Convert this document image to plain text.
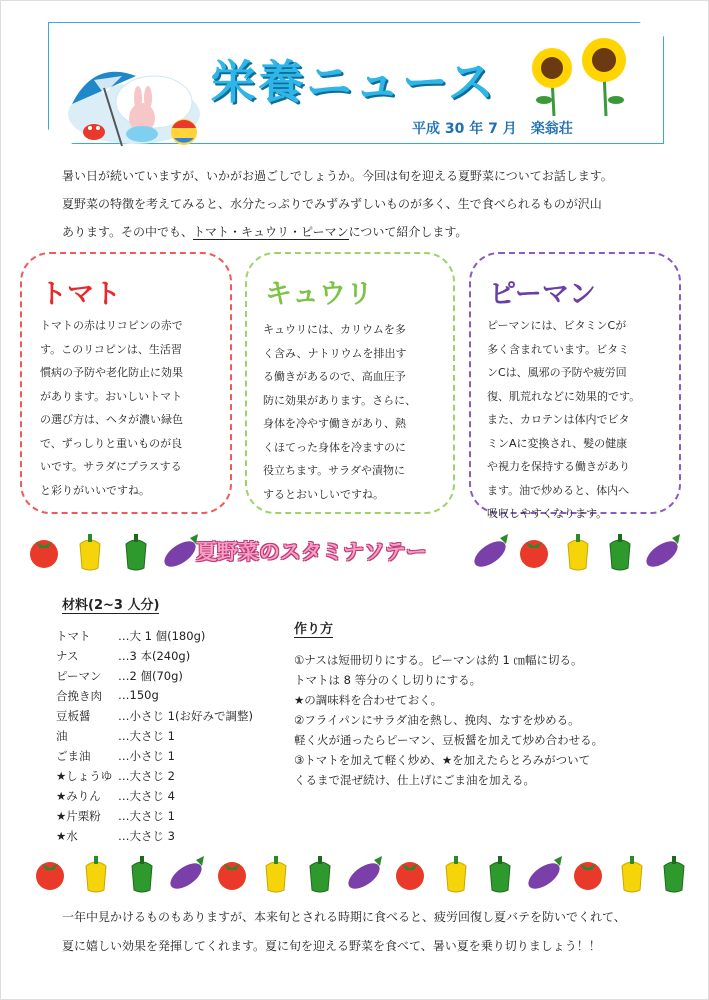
栄養ニュース
平成 30 年 7 月　楽翁荘
暑い日が続いていますが、いかがお過ごしでしょうか。今回は旬を迎える夏野菜についてお話します。
夏野菜の特徴を考えてみると、水分たっぷりでみずみずしいものが多く、生で食べられるものが沢山
あります。その中でも、トマト・キュウリ・ピーマンについて紹介します。
トマト
トマトの赤はリコピンの赤で
す。このリコピンは、生活習
慣病の予防や老化防止に効果
があります。おいしいトマト
の選び方は、ヘタが濃い緑色
で、ずっしりと重いものが良
いです。サラダにプラスする
と彩りがいいですね。
キュウリ
キュウリには、カリウムを多
く含み、ナトリウムを排出す
る働きがあるので、高血圧予
防に効果があります。さらに、
身体を冷やす働きがあり、熱
くほてった身体を冷ますのに
役立ちます。サラダや漬物に
するとおいしいですね。
ピーマン
ピーマンには、ビタミンCが
多く含まれています。ビタミ
ンCは、風邪の予防や疲労回
復、肌荒れなどに効果的です。
また、カロテンは体内でビタ
ミンAに変換され、髪の健康
や視力を保持する働きがあり
ます。油で炒めると、体内へ
吸収しやすくなります。
夏野菜のスタミナソテー
材料(2~3 人分)
トマト …大 1 個(180g)
ナス	…3 本(240g)
ピーマン …2 個(70g)
合挽き肉 …150g
豆板醤 …小さじ 1(お好みで調整)
油	…大さじ 1
ごま油 …小さじ 1
★しょうゆ …大さじ 2
★みりん …大さじ 4
★片栗粉 …大さじ 1
★水	…大さじ 3
作り方
①ナスは短冊切りにする。ピーマンは約 1 ㎝幅に切る。
トマトは 8 等分のくし切りにする。
★の調味料を合わせておく。
②フライパンにサラダ油を熱し、挽肉、なすを炒める。
軽く火が通ったらピーマン、豆板醤を加えて炒め合わせる。
③トマトを加えて軽く炒め、★を加えたらとろみがついて
くるまで混ぜ続け、仕上げにごま油を加える。
一年中見かけるものもありますが、本来旬とされる時期に食べると、疲労回復し夏バテを防いでくれて、
夏に嬉しい効果を発揮してくれます。夏に旬を迎える野菜を食べて、暑い夏を乗り切りましょう！！
